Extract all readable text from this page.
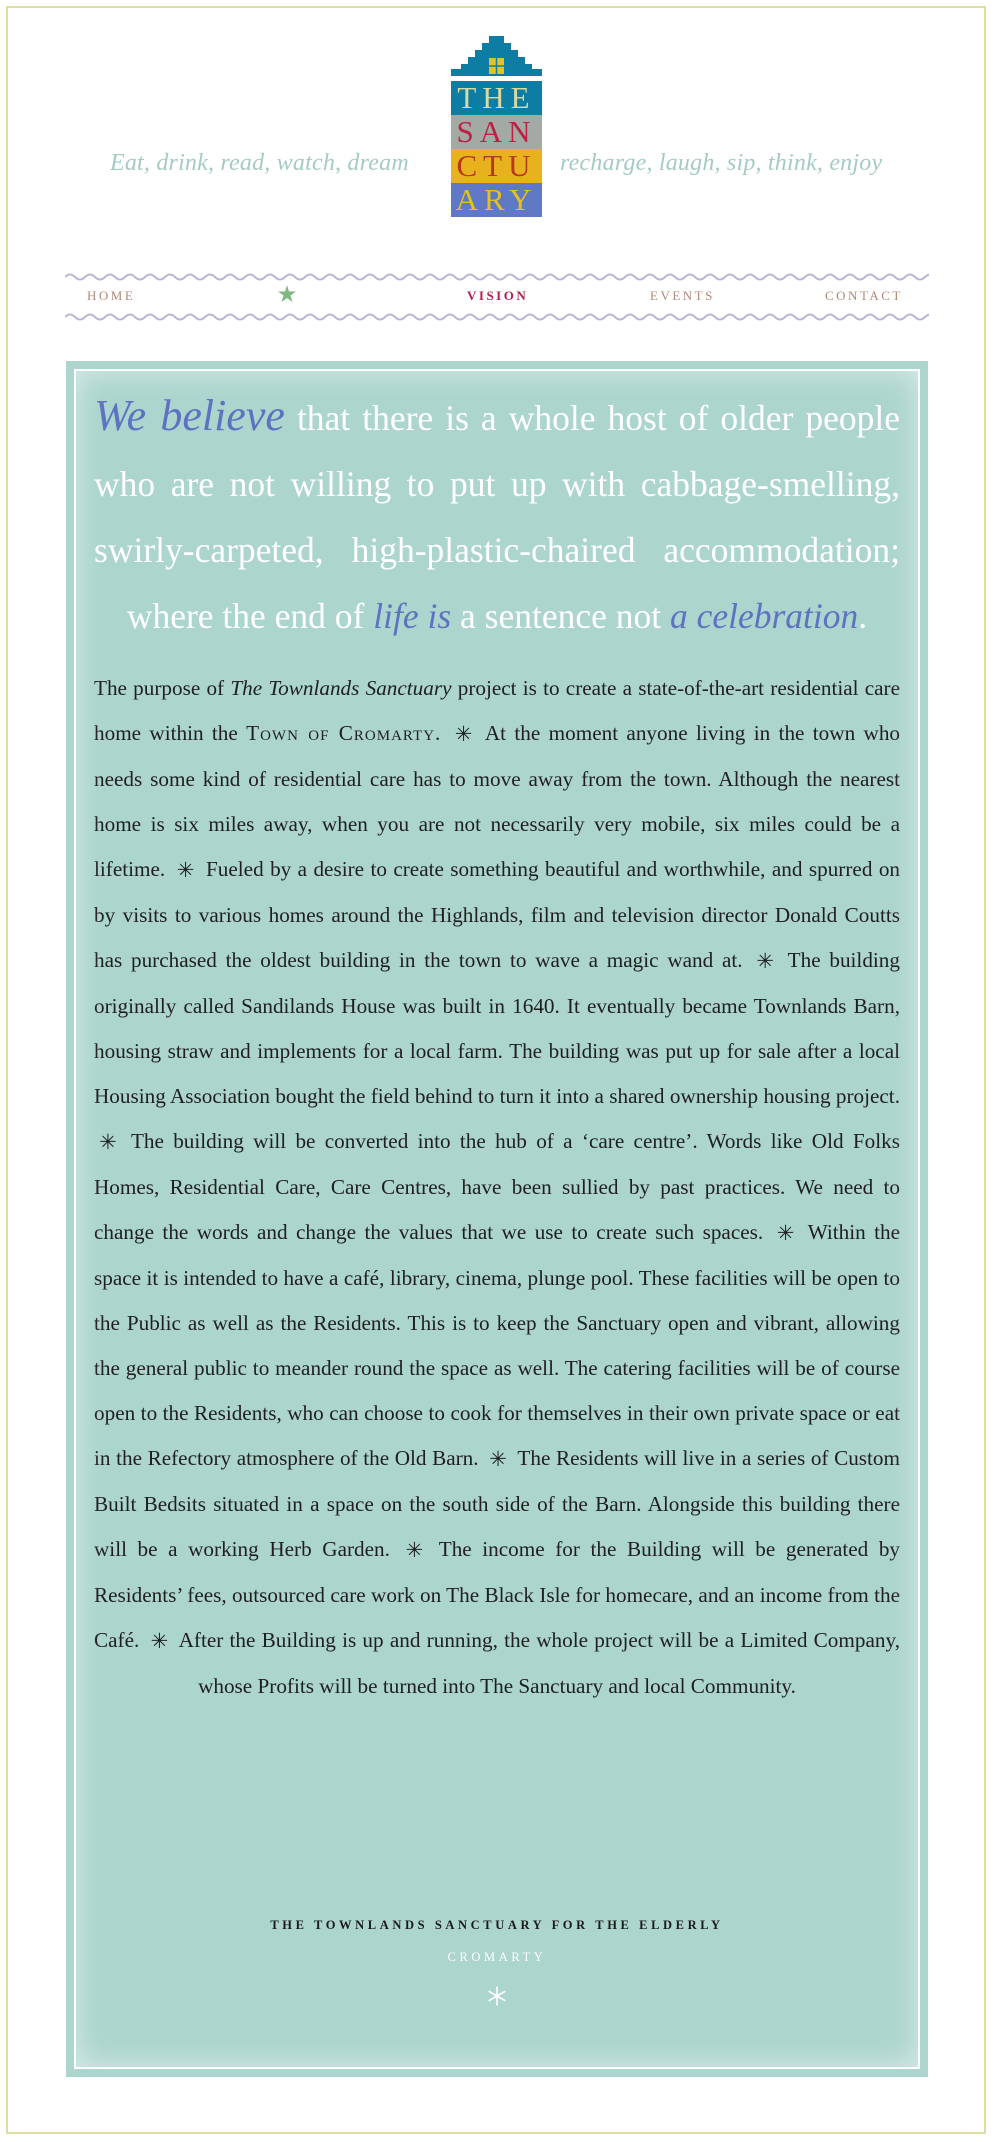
Eat, drink, read, watch, dream	recharge, laugh, sip, think, enjoy
THE
SAN
CTU
ARY
HOME	VISION	EVENTS	CONTACT
We believe that there is a whole host of older people who are not willing to put up with cabbage-smelling, swirly-carpeted, high-plastic-chaired accommodation; where the end of life is a sentence not a celebration.
The purpose of The Townlands Sanctuary project is to create a state-of-the-art residential care home within the Town of Cromarty. ✳ At the moment anyone living in the town who needs some kind of residential care has to move away from the town. Although the nearest home is six miles away, when you are not necessarily very mobile, six miles could be a lifetime. ✳ Fueled by a desire to create something beautiful and worthwhile, and spurred on by visits to various homes around the Highlands, film and television director Donald Coutts has purchased the oldest building in the town to wave a magic wand at. ✳ The building originally called Sandilands House was built in 1640. It eventually became Townlands Barn, housing straw and implements for a local farm. The building was put up for sale after a local Housing Association bought the field behind to turn it into a shared ownership housing project. ✳ The building will be converted into the hub of a ‘care centre’. Words like Old Folks Homes, Residential Care, Care Centres, have been sullied by past practices. We need to change the words and change the values that we use to create such spaces. ✳ Within the space it is intended to have a café, library, cinema, plunge pool. These facilities will be open to the Public as well as the Residents. This is to keep the Sanctuary open and vibrant, allowing the general public to meander round the space as well. The catering facilities will be of course open to the Residents, who can choose to cook for themselves in their own private space or eat in the Refectory atmosphere of the Old Barn. ✳ The Residents will live in a series of Custom Built Bedsits situated in a space on the south side of the Barn. Alongside this building there will be a working Herb Garden. ✳ The income for the Building will be generated by Residents’ fees, outsourced care work on The Black Isle for homecare, and an income from the Café. ✳ After the Building is up and running, the whole project will be a Limited Company, whose Profits will be turned into The Sanctuary and local Community.
THE TOWNLANDS SANCTUARY FOR THE ELDERLY
CROMARTY
